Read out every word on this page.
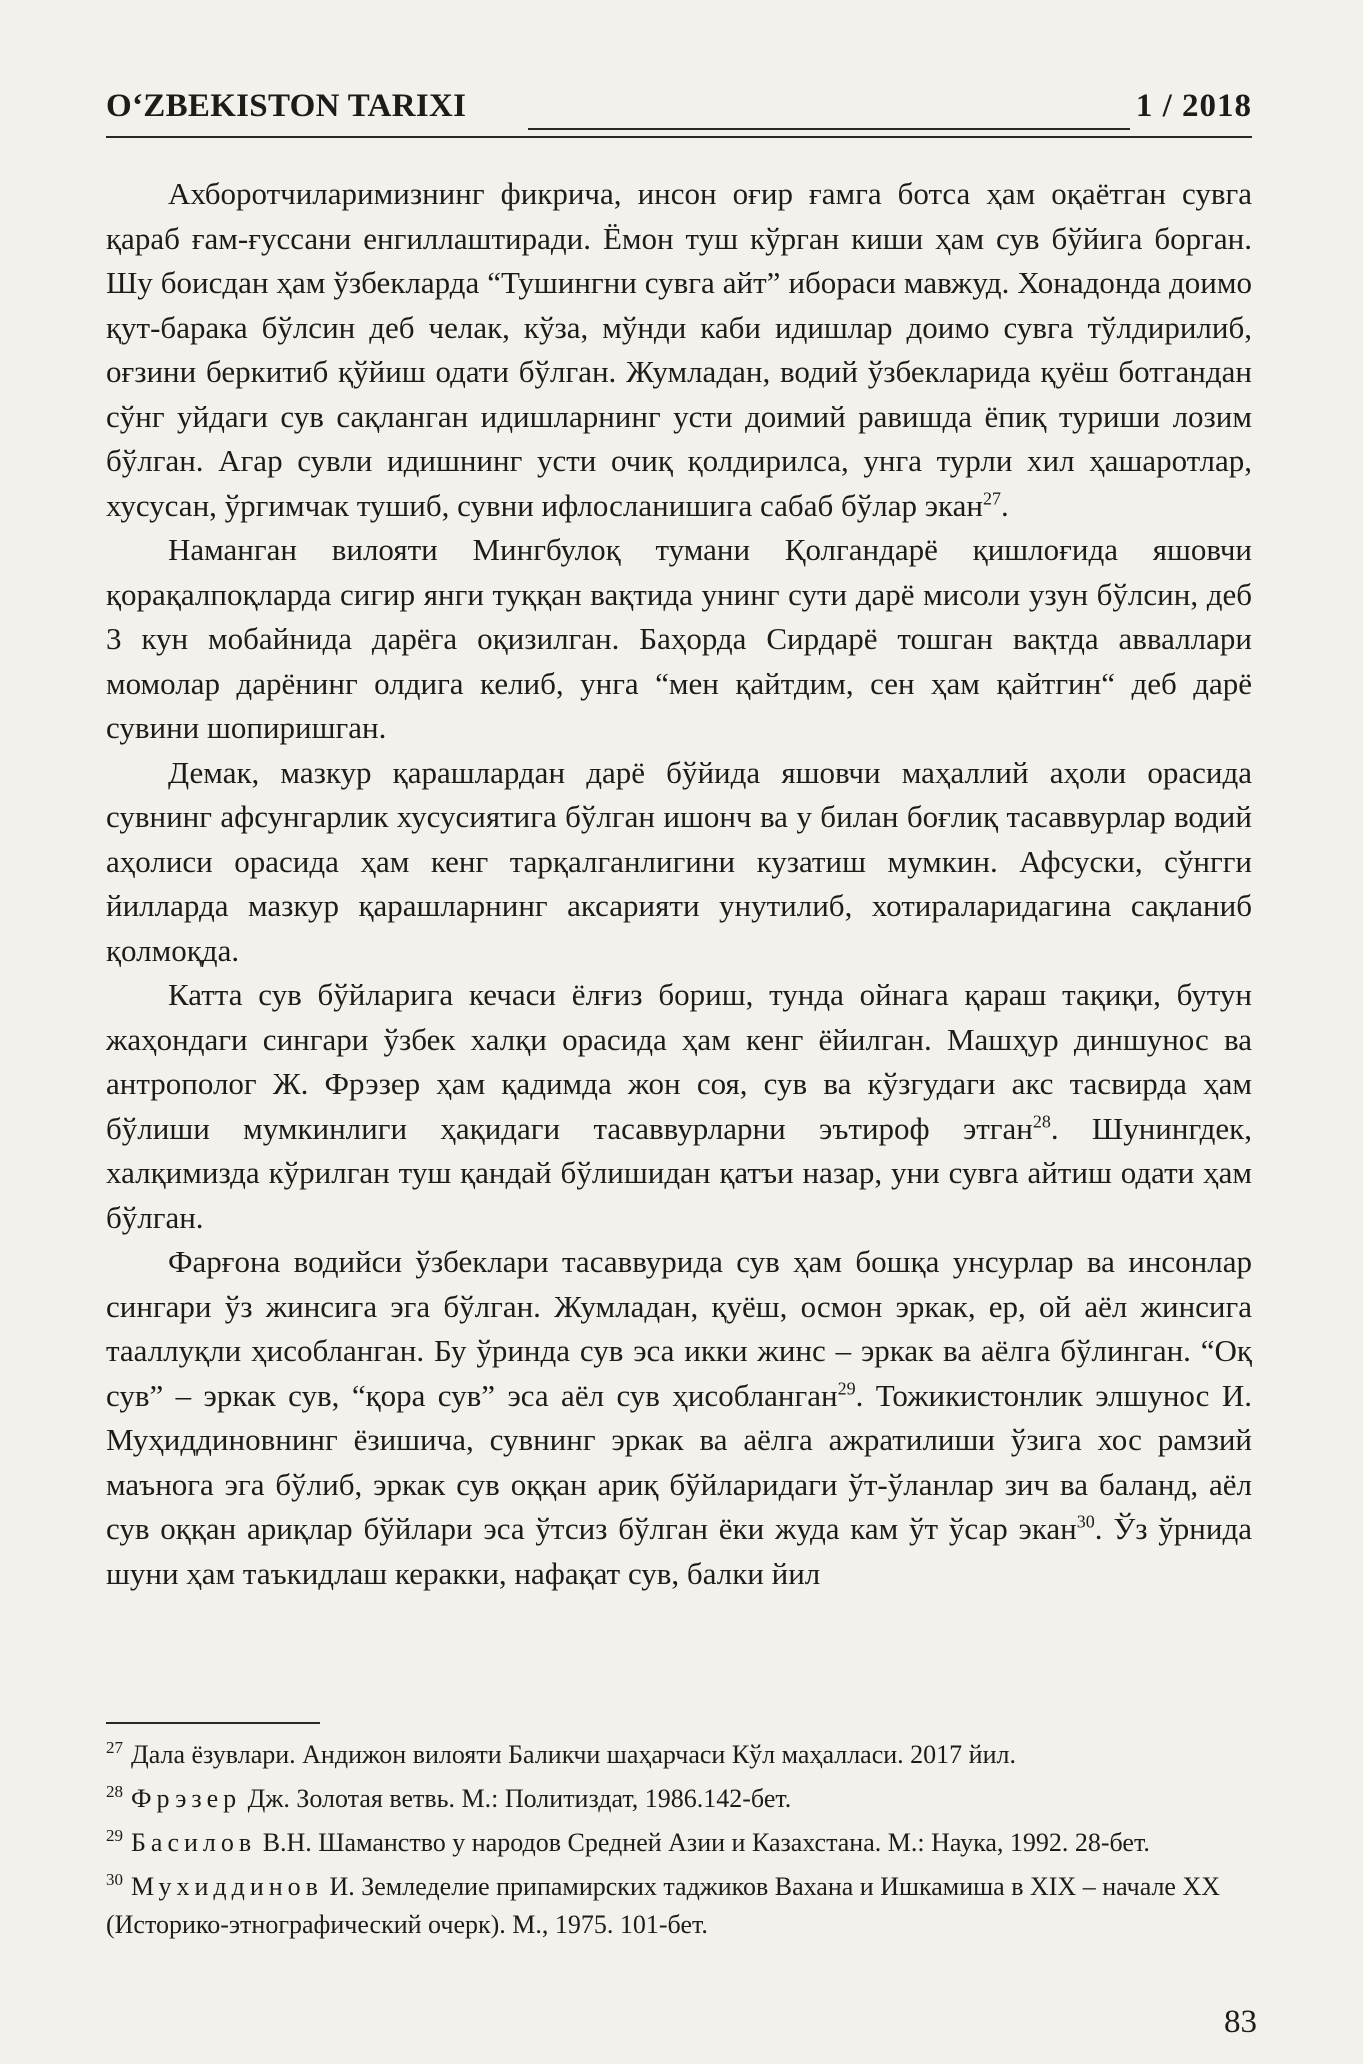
O‘ZBEKISTON TARIXI	1 / 2018

Ахборотчиларимизнинг фикрича, инсон оғир ғамга ботса ҳам оқаётган сувга қараб ғам-ғуссани енгиллаштиради. Ёмон туш кўрган киши ҳам сув бўйига борган. Шу боисдан ҳам ўзбекларда “Тушингни сувга айт” ибораси мавжуд. Хонадонда доимо қут-барака бўлсин деб челак, кўза, мўнди каби идишлар доимо сувга тўлдирилиб, оғзини беркитиб қўйиш одати бўлган. Жумладан, водий ўзбекларида қуёш ботгандан сўнг уйдаги сув сақланган идишларнинг усти доимий равишда ёпиқ туриши лозим бўлган. Агар сувли идишнинг усти очиқ қолдирилса, унга турли хил ҳашаротлар, хусусан, ўргимчак тушиб, сувни ифлосланишига сабаб бўлар экан$^{27}$.

Наманган вилояти Мингбулоқ тумани Қолгандарё қишлоғида яшовчи қорақалпоқларда сигир янги туққан вақтида унинг сути дарё мисоли узун бўлсин, деб 3 кун мобайнида дарёга оқизилган. Баҳорда Сирдарё тошган вақтда авваллари момолар дарёнинг олдига келиб, унга “мен қайтдим, сен ҳам қайтгин“ деб дарё сувини шопиришган.

Демак, мазкур қарашлардан дарё бўйида яшовчи маҳаллий аҳоли орасида сувнинг афсунгарлик хусусиятига бўлган ишонч ва у билан боғлиқ тасаввурлар водий аҳолиси орасида ҳам кенг тарқалганлигини кузатиш мумкин. Афсуски, сўнгги йилларда мазкур қарашларнинг аксарияти унутилиб, хотираларидагина сақланиб қолмоқда.

Катта сув бўйларига кечаси ёлғиз бориш, тунда ойнага қараш тақиқи, бутун жаҳондаги сингари ўзбек халқи орасида ҳам кенг ёйилган. Машҳур диншунос ва антрополог Ж. Фрэзер ҳам қадимда жон соя, сув ва кўзгудаги акс тасвирда ҳам бўлиши мумкинлиги ҳақидаги тасаввурларни эътироф этган$^{28}$. Шунингдек, халқимизда кўрилган туш қандай бўлишидан қатъи назар, уни сувга айтиш одати ҳам бўлган.

Фарғона водийси ўзбеклари тасаввурида сув ҳам бошқа унсурлар ва инсонлар сингари ўз жинсига эга бўлган. Жумладан, қуёш, осмон эркак, ер, ой аёл жинсига тааллуқли ҳисобланган. Бу ўринда сув эса икки жинс – эркак ва аёлга бўлинган. “Оқ сув” – эркак сув, “қора сув” эса аёл сув ҳисобланган$^{29}$. Тожикистонлик элшунос И. Муҳиддиновнинг ёзишича, сувнинг эркак ва аёлга ажратилиши ўзига хос рамзий маънога эга бўлиб, эркак сув оққан ариқ бўйларидаги ўт-ўланлар зич ва баланд, аёл сув оққан ариқлар бўйлари эса ўтсиз бўлган ёки жуда кам ўт ўсар экан$^{30}$. Ўз ўрнида шуни ҳам таъкидлаш керакки, нафақат сув, балки йил

$^{27}$ Дала ёзувлари. Андижон вилояти Баликчи шаҳарчаси Кўл маҳалласи. 2017 йил.
$^{28}$ Фрэзер Дж. Золотая ветвь. М.: Политиздат, 1986.142-бет.
$^{29}$ Басилов В.Н. Шаманство у народов Средней Азии и Казахстана. М.: Наука, 1992. 28-бет.
$^{30}$ Мухиддинов И. Земледелие припамирских таджиков Вахана и Ишкамиша в XIX – начале XX (Историко-этнографический очерк). М., 1975. 101-бет.
83
